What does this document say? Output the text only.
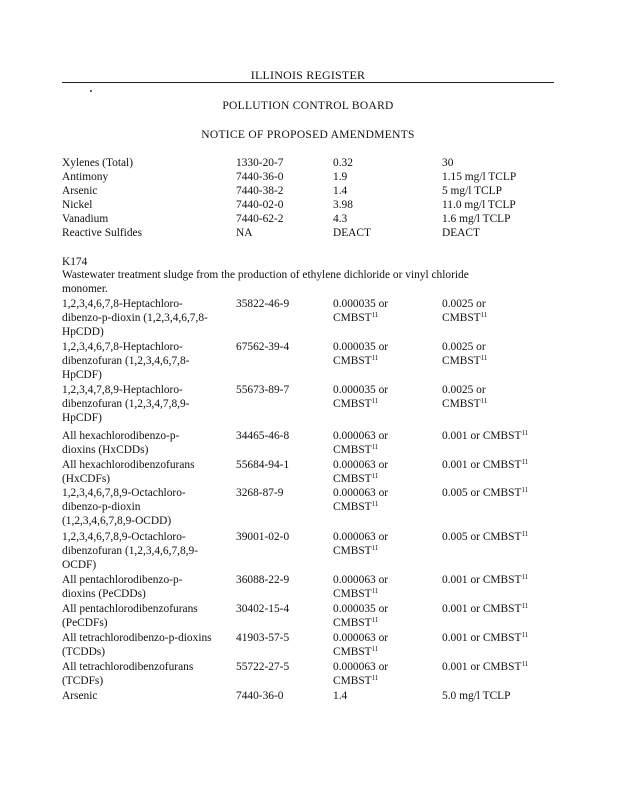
ILLINOIS REGISTER
POLLUTION CONTROL BOARD
NOTICE OF PROPOSED AMENDMENTS
Xylenes (Total)	1330-20-7	0.32	30
Antimony	7440-36-0	1.9	1.15 mg/l TCLP
Arsenic	7440-38-2	1.4	5 mg/l TCLP
Nickel	7440-02-0	3.98	11.0 mg/l TCLP
Vanadium	7440-62-2	4.3	1.6 mg/l TCLP
Reactive Sulfides	NA	DEACT	DEACT
K174
Wastewater treatment sludge from the production of ethylene dichloride or vinyl chloride
monomer.
1,2,3,4,6,7,8-Heptachloro-	35822-46-9	0.000035 or	0.0025 or
dibenzo-p-dioxin (1,2,3,4,6,7,8-	CMBST$^{11}$	CMBST$^{11}$
HpCDD)
1,2,3,4,6,7,8-Heptachloro-	67562-39-4	0.000035 or	0.0025 or
dibenzofuran (1,2,3,4,6,7,8-	CMBST$^{11}$	CMBST$^{11}$
HpCDF)
1,2,3,4,7,8,9-Heptachloro-	55673-89-7	0.000035 or	0.0025 or
dibenzofuran (1,2,3,4,7,8,9-	CMBST$^{11}$	CMBST$^{11}$
HpCDF)
All hexachlorodibenzo-p-	34465-46-8	0.000063 or	0.001 or CMBST$^{11}$
dioxins (HxCDDs)	CMBST$^{11}$
All hexachlorodibenzofurans	55684-94-1	0.000063 or	0.001 or CMBST$^{11}$
(HxCDFs)	CMBST$^{11}$
1,2,3,4,6,7,8,9-Octachloro-	3268-87-9	0.000063 or	0.005 or CMBST$^{11}$
dibenzo-p-dioxin	CMBST$^{11}$
(1,2,3,4,6,7,8,9-OCDD)
1,2,3,4,6,7,8,9-Octachloro-	39001-02-0	0.000063 or	0.005 or CMBST$^{11}$
dibenzofuran (1,2,3,4,6,7,8,9-	CMBST$^{11}$
OCDF)
All pentachlorodibenzo-p-	36088-22-9	0.000063 or	0.001 or CMBST$^{11}$
dioxins (PeCDDs)	CMBST$^{11}$
All pentachlorodibenzofurans	30402-15-4	0.000035 or	0.001 or CMBST$^{11}$
(PeCDFs)	CMBST$^{11}$
All tetrachlorodibenzo-p-dioxins 41903-57-5	0.000063 or	0.001 or CMBST$^{11}$
(TCDDs)	CMBST$^{11}$
All tetrachlorodibenzofurans	55722-27-5	0.000063 or	0.001 or CMBST$^{11}$
(TCDFs)	CMBST$^{11}$
Arsenic	7440-36-0	1.4	5.0 mg/l TCLP
